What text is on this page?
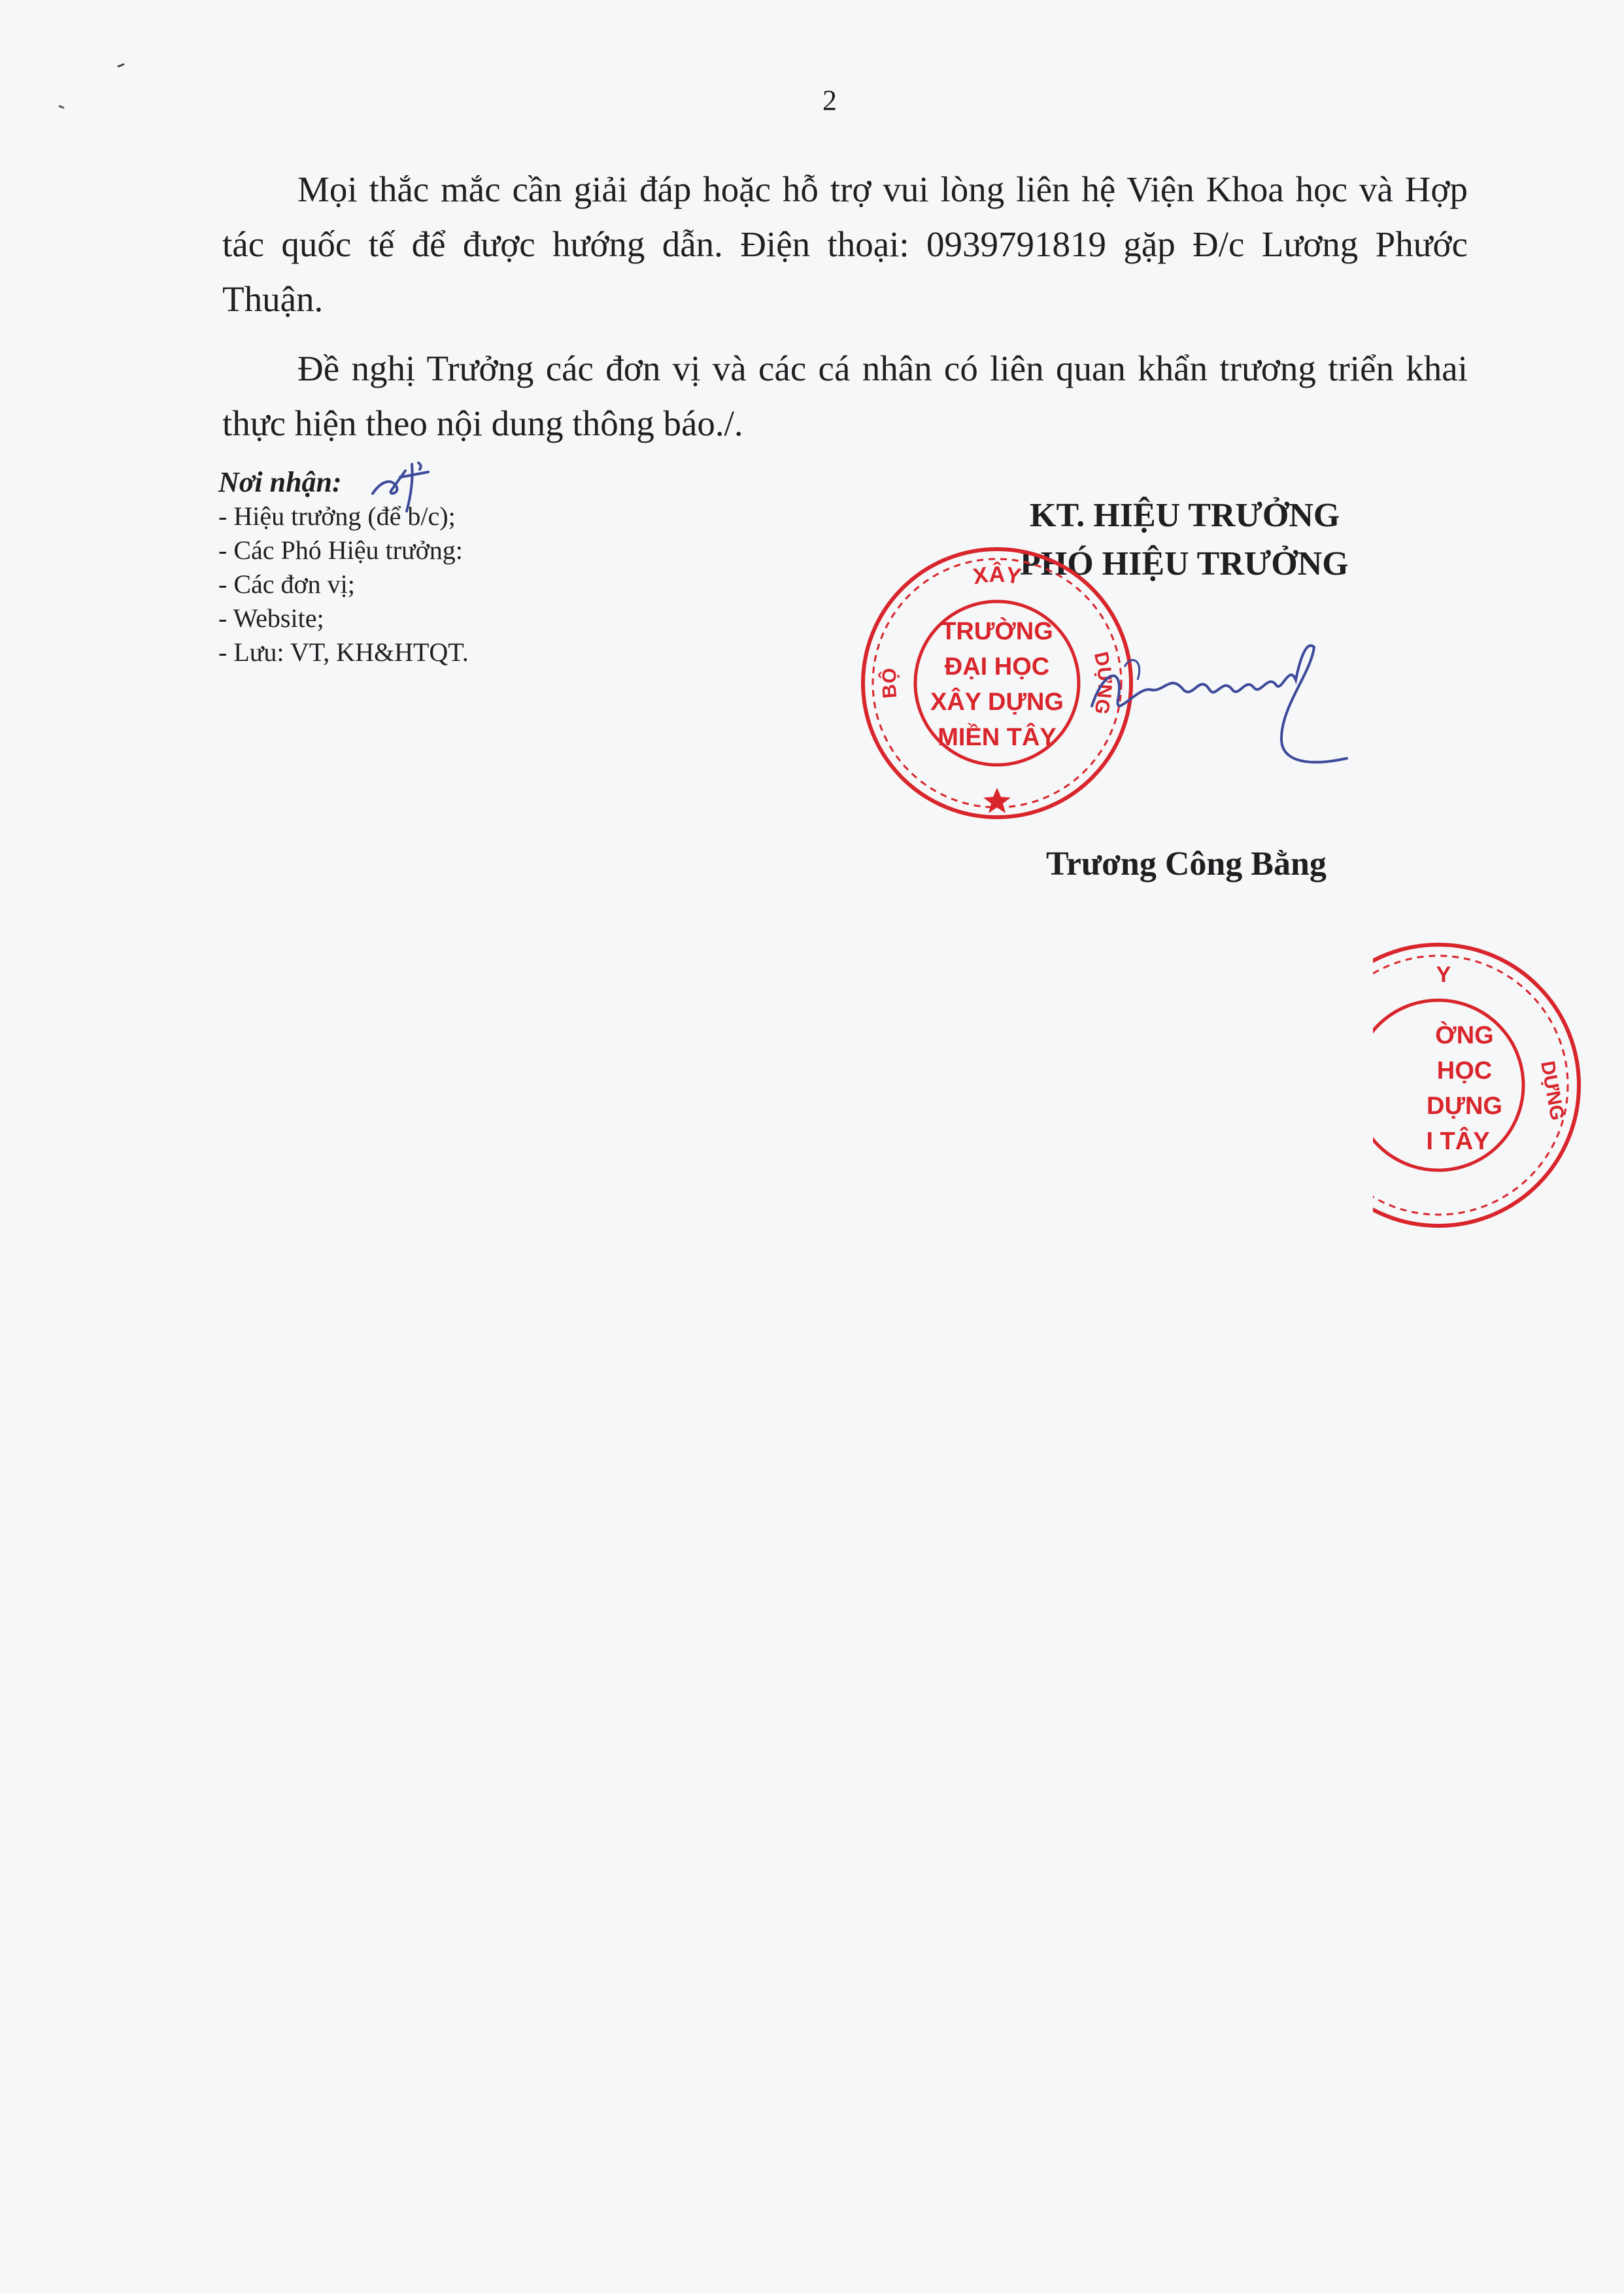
2

Mọi thắc mắc cần giải đáp hoặc hỗ trợ vui lòng liên hệ Viện Khoa học và Hợp tác quốc tế để được hướng dẫn. Điện thoại: 0939791819 gặp Đ/c Lương Phước Thuận.

Đề nghị Trưởng các đơn vị và các cá nhân có liên quan khẩn trương triển khai thực hiện theo nội dung thông báo./.

Nơi nhận:
- Hiệu trưởng (để b/c);
- Các Phó Hiệu trưởng:
- Các đơn vị;
- Website;
- Lưu: VT, KH&HTQT.
KT. HIỆU TRƯỞNG
PHÓ HIỆU TRƯỞNG
XÂY
DỰNG
BỘ
TRƯỜNG
ĐẠI HỌC
XÂY DỰNG
MIỀN TÂY
Trương Công Bằng
Y
ỜNG
HỌC
DỰNG
I TÂY
DỰNG
